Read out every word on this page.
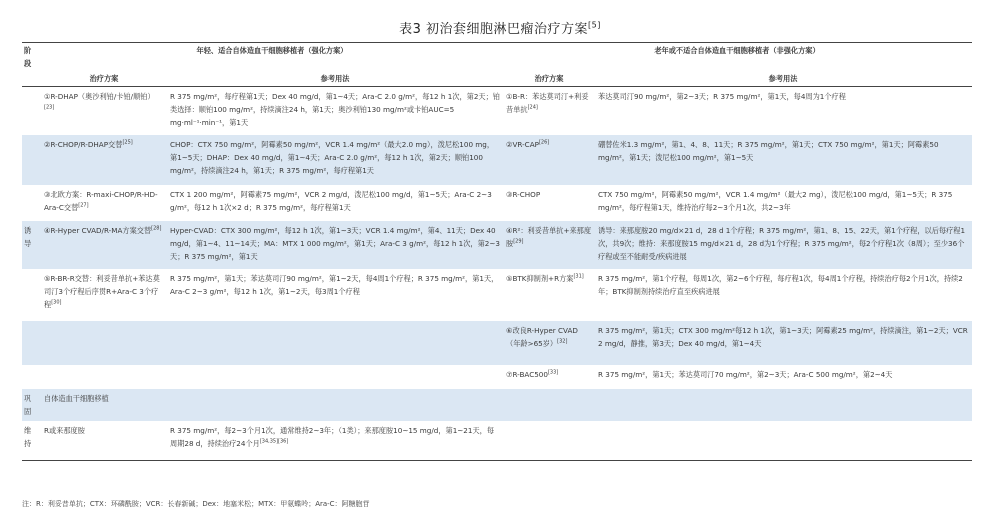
表3 初治套细胞淋巴瘤治疗方案[5]
阶段	年轻、适合自体造血干细胞移植者（强化方案）		老年或不适合自体造血干细胞移植者（非强化方案）	
	治疗方案	参考用法	治疗方案	参考用法
	①R-DHAP（奥沙利铂/卡铂/顺铂）[23]	R 375 mg/m²，每疗程第1天；Dex 40 mg/d，第1~4天；Ara-C 2.0 g/m²，每12 h 1次，第2天；铂类选择：顺铂100 mg/m²，持续滴注24 h，第1天；奥沙利铂130 mg/m²或卡铂AUC=5 mg·ml⁻¹·min⁻¹，第1天	①B-R：苯达莫司汀+利妥昔单抗[24]	苯达莫司汀90 mg/m²，第2~3天；R 375 mg/m²，第1天，每4周为1个疗程
	②R-CHOP/R-DHAP交替[25]	CHOP：CTX 750 mg/m²，阿霉素50 mg/m²，VCR 1.4 mg/m²（最大2.0 mg），泼尼松100 mg，第1~5天；DHAP：Dex 40 mg/d，第1~4天；Ara-C 2.0 g/m²，每12 h 1次，第2天；顺铂100 mg/m²，持续滴注24 h，第1天；R 375 mg/m²，每疗程第1天	②VR-CAP[26]	硼替佐米1.3 mg/m²，第1、4、8、11天；R 375 mg/m²，第1天；CTX 750 mg/m²，第1天；阿霉素50 mg/m²，第1天；泼尼松100 mg/m²，第1~5天
	③北欧方案：R-maxi-CHOP/R-HD-Ara-C交替[27]	CTX 1 200 mg/m²，阿霉素75 mg/m²，VCR 2 mg/d，泼尼松100 mg/d，第1~5天；Ara-C 2~3 g/m²，每12 h 1次×2 d；R 375 mg/m²，每疗程第1天	③R-CHOP	CTX 750 mg/m²，阿霉素50 mg/m²，VCR 1.4 mg/m²（最大2 mg），泼尼松100 mg/d，第1~5天；R 375 mg/m²，每疗程第1天，维持治疗每2~3个月1次，共2~3年
诱导	④R-Hyper CVAD/R-MA方案交替[28]	Hyper-CVAD：CTX 300 mg/m²，每12 h 1次，第1~3天；VCR 1.4 mg/m²，第4、11天；Dex 40 mg/d，第1~4、11~14天；MA：MTX 1 000 mg/m²，第1天；Ara-C 3 g/m²，每12 h 1次，第2~3天；R 375 mg/m²，第1天	④R²：利妥昔单抗+来那度胺[29]	诱导：来那度胺20 mg/d×21 d，28 d 1个疗程；R 375 mg/m²，第1、8、15、22天，第1个疗程，以后每疗程1次，共9次；维持：来那度胺15 mg/d×21 d，28 d为1个疗程；R 375 mg/m²，每2个疗程1次（8周）；至少36个疗程或至不能耐受/疾病进展
	⑤R-BR-R交替：利妥昔单抗+苯达莫司汀3个疗程后序贯R+Ara-C 3个疗程[30]	R 375 mg/m²，第1天；苯达莫司汀90 mg/m²，第1~2天，每4周1个疗程；R 375 mg/m²，第1天，Ara-C 2~3 g/m²，每12 h 1次，第1~2天，每3周1个疗程	⑤BTK抑制剂+R方案[31]	R 375 mg/m²，第1个疗程，每周1次，第2~6个疗程，每疗程1次，每4周1个疗程，持续治疗每2个月1次，持续2年；BTK抑制剂持续治疗直至疾病进展
			⑥改良R-Hyper CVAD（年龄>65岁）[32]	R 375 mg/m²，第1天；CTX 300 mg/m²每12 h 1次，第1~3天；阿霉素25 mg/m²，持续滴注，第1~2天；VCR 2 mg/d，静推，第3天；Dex 40 mg/d，第1~4天
			⑦R-BAC500[33]	R 375 mg/m²，第1天；苯达莫司汀70 mg/m²，第2~3天；Ara-C 500 mg/m²，第2~4天
巩固	自体造血干细胞移植			
维持	R或来那度胺	R 375 mg/m²，每2~3个月1次，通常维持2~3年；（1类）；来那度胺10~15 mg/d，第1~21天，每周期28 d，持续治疗24个月[34,35][36]		
注：R：利妥昔单抗；CTX：环磷酰胺；VCR：长春新碱；Dex：地塞米松；MTX：甲氨蝶呤；Ara-C：阿糖胞苷
